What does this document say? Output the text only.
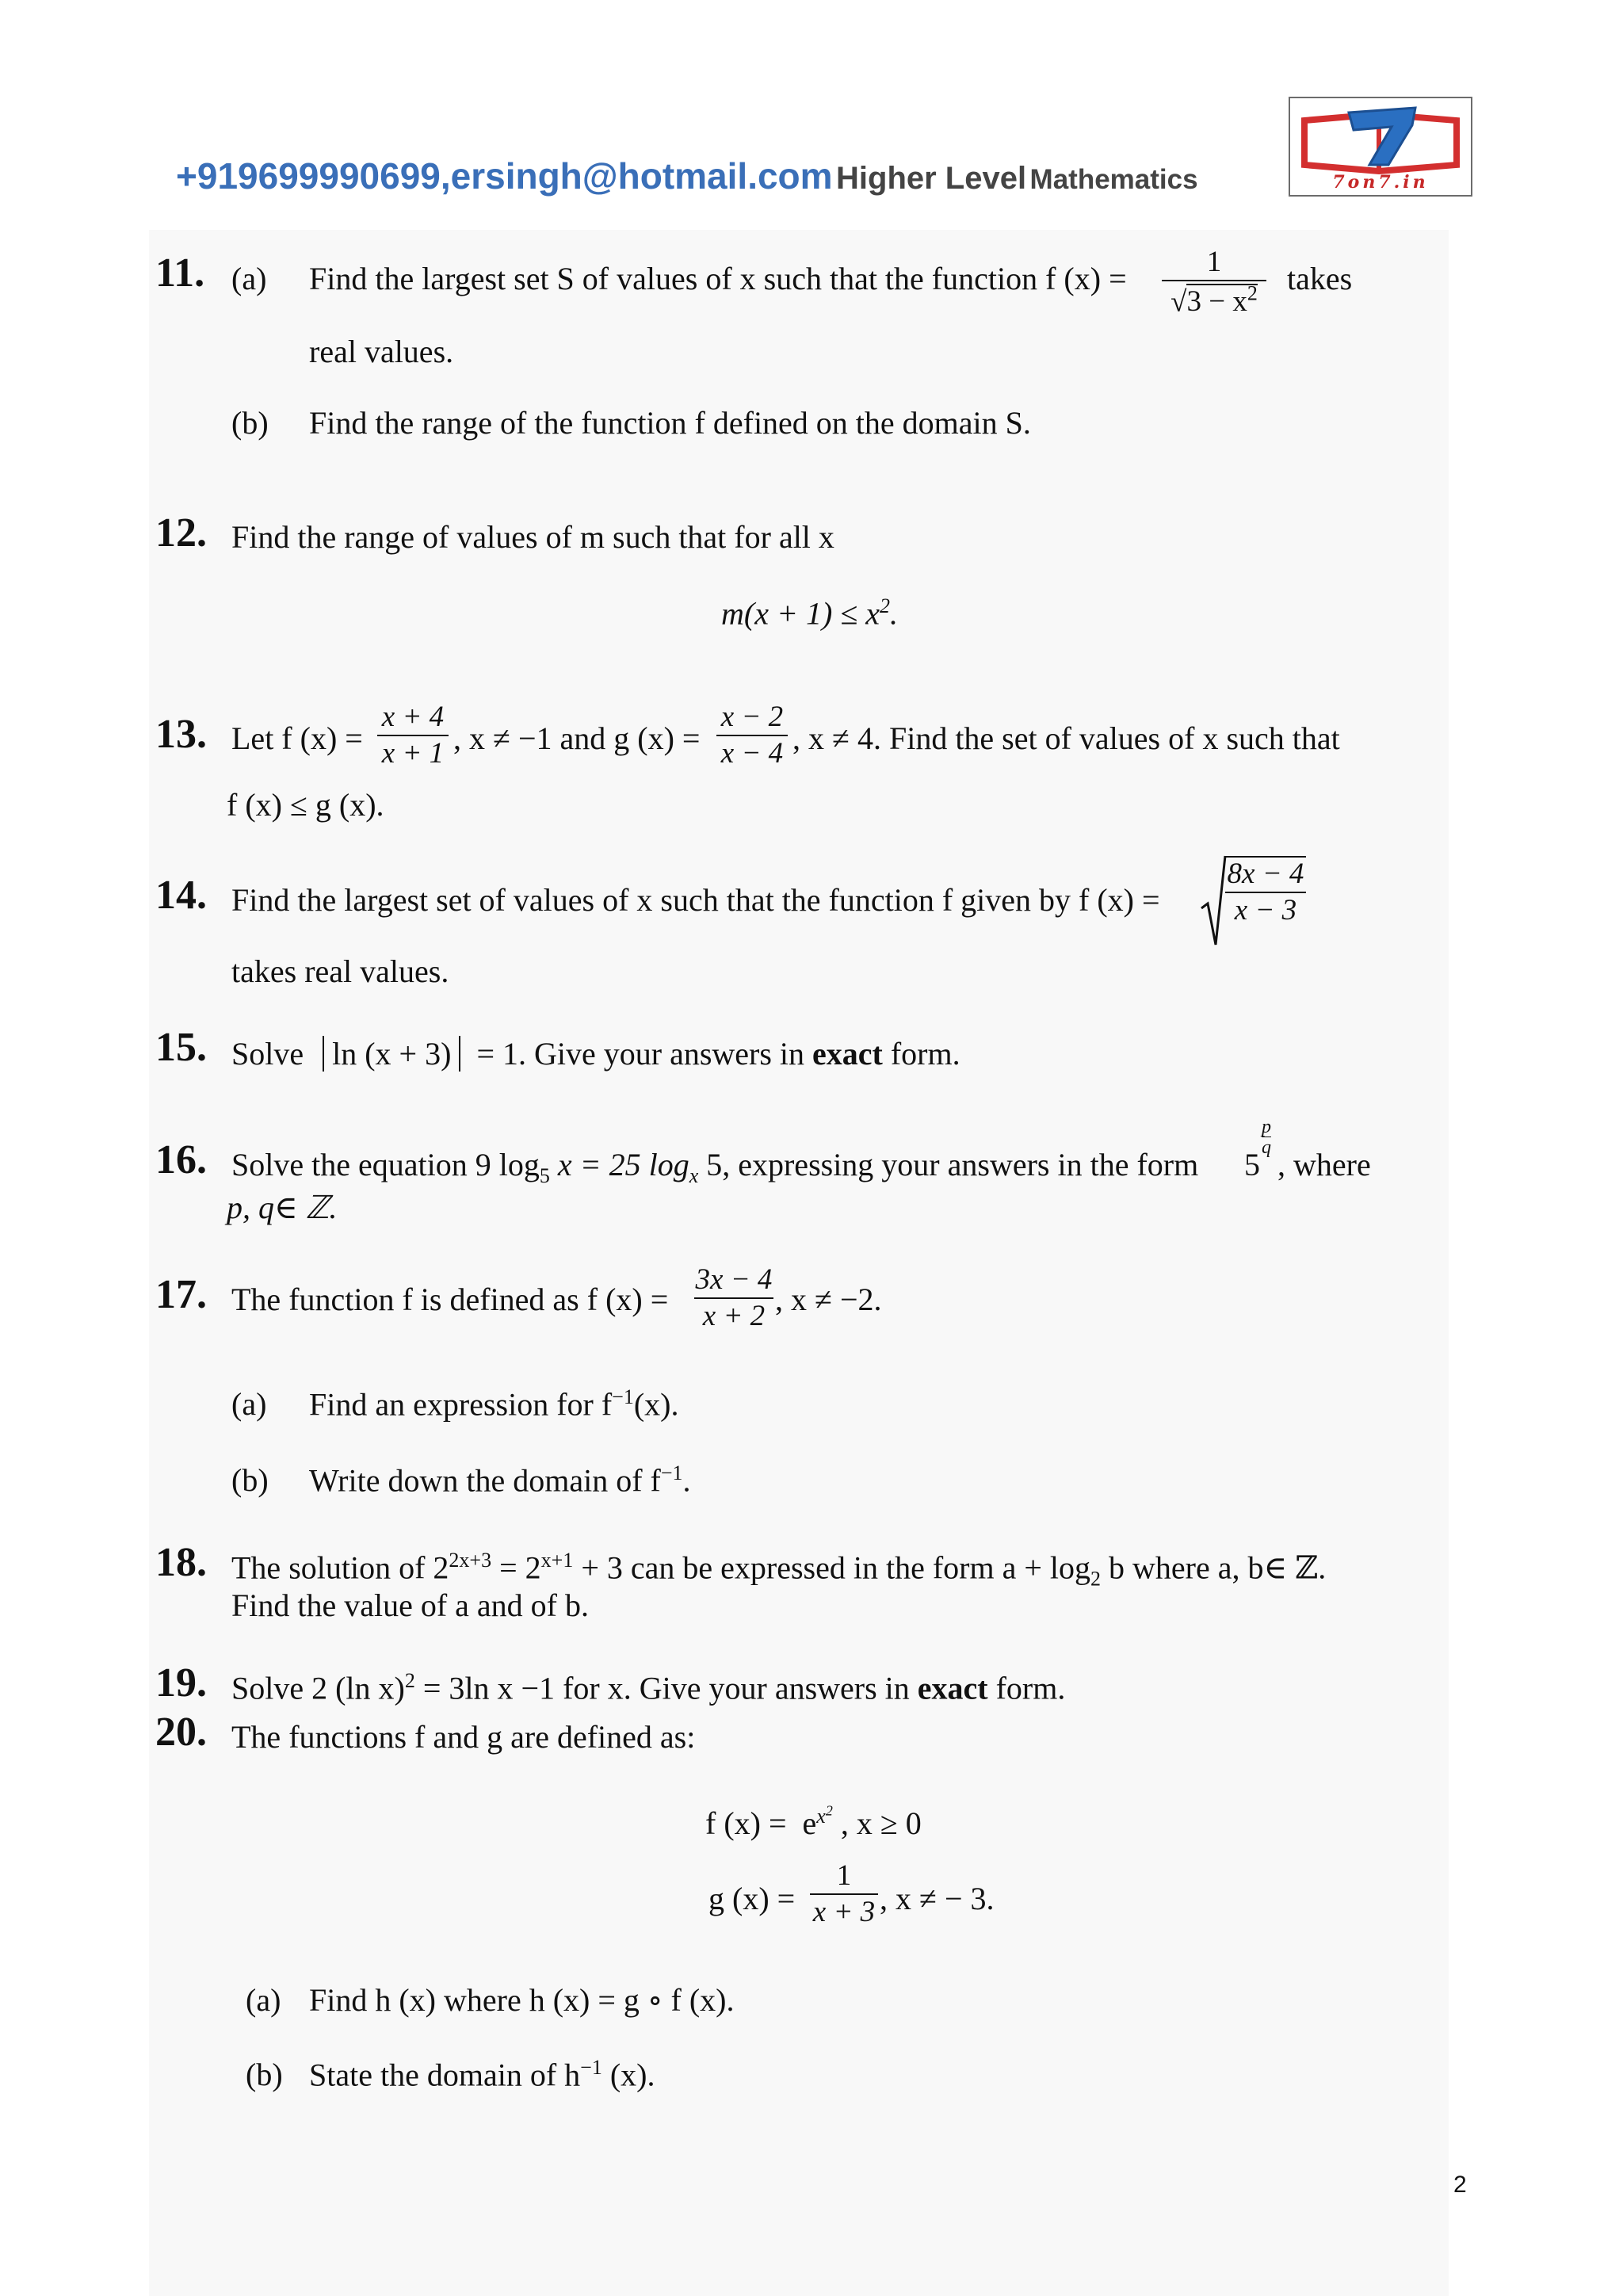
+919699990699,ersingh@hotmail.com Higher Level Mathematics	7on7.in
11. (a) Find the largest set S of values of x such that the function f (x) =	1
$√3 - x^2$ takes
real values.
(b) Find the range of the function f defined on the domain S.
12. Find the range of values of m such that for all x
$m(x + 1) \le x^2$.
13. Let f (x) =
x + 4
x + 1 , x ≠ −1 and g (x) =
x − 2
x − 4 , x ≠ 4. Find the set of values of x such that
f (x) ≤ g (x).
14. Find the largest set of values of x such that the function f given by f (x) =
8x − 4
x − 3
takes real values.
15. Solve ln (x + 3) = 1. Give your answers in exact form.
16. Solve the equation 9 $\log_5 x = 25$ $\log_x 5$, expressing your answers in the form
p
q
5 , where
p, q∈ ℤ.
17. The function f is defined as f (x) =
3x − 4
x + 2 , x ≠ −2.
(a) Find an expression for $f^{-1}(x)$.
(b) Write down the domain of $f^{-1}$.
18. The solution of $2^{2x+3} = 2^{x+1} + 3$ can be expressed in the form $a + \log_2 b$ where a, b∈ ℤ.
Find the value of a and of b.
19. Solve 2 (ln x)$^2$ = 3ln x −1 for x. Give your answers in exact form.
20. The functions f and g are defined as:
f $(x) = e^{x^2}$ , x ≥ 0
g (x) =
1
x + 3 , x ≠ − 3.
(a) Find h (x) where h (x) = g ∘ f (x).
(b) State the domain of $h^{-1}$ (x).
2
